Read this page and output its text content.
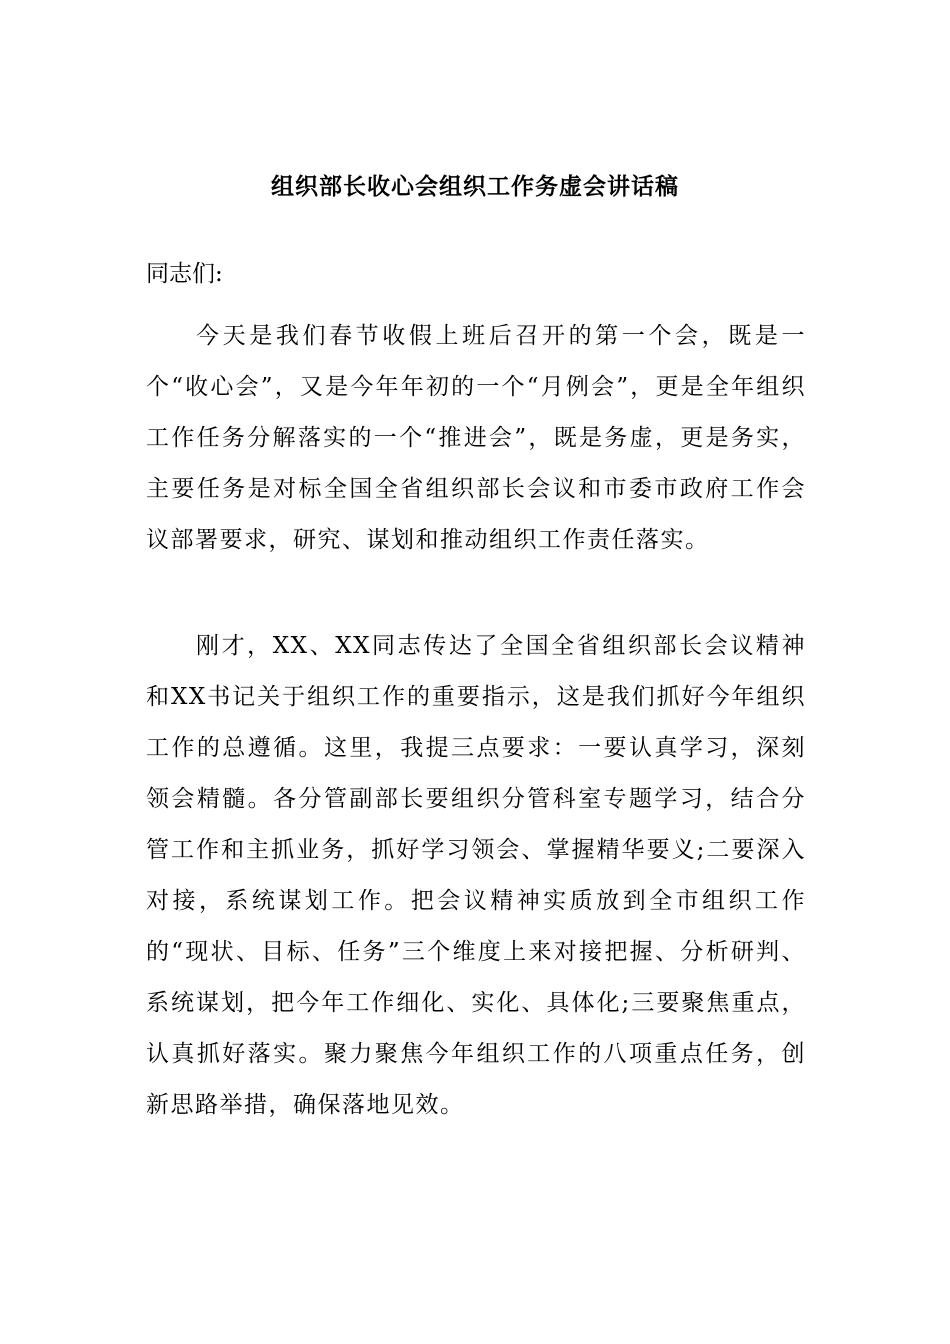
组织部长收心会组织工作务虚会讲话稿
同志们:

今天是我们春节收假上班后召开的第一个会，既是一个“收心会”，又是今年年初的一个“月例会”，更是全年组织工作任务分解落实的一个“推进会”，既是务虚，更是务实，主要任务是对标全国全省组织部长会议和市委市政府工作会议部署要求，研究、谋划和推动组织工作责任落实。

刚才，XX、XX同志传达了全国全省组织部长会议精神和XX书记关于组织工作的重要指示，这是我们抓好今年组织工作的总遵循。这里，我提三点要求：一要认真学习，深刻领会精髓。各分管副部长要组织分管科室专题学习，结合分管工作和主抓业务，抓好学习领会、掌握精华要义;二要深入对接，系统谋划工作。把会议精神实质放到全市组织工作的“现状、目标、任务”三个维度上来对接把握、分析研判、系统谋划，把今年工作细化、实化、具体化;三要聚焦重点，认真抓好落实。聚力聚焦今年组织工作的八项重点任务，创新思路举措，确保落地见效。
